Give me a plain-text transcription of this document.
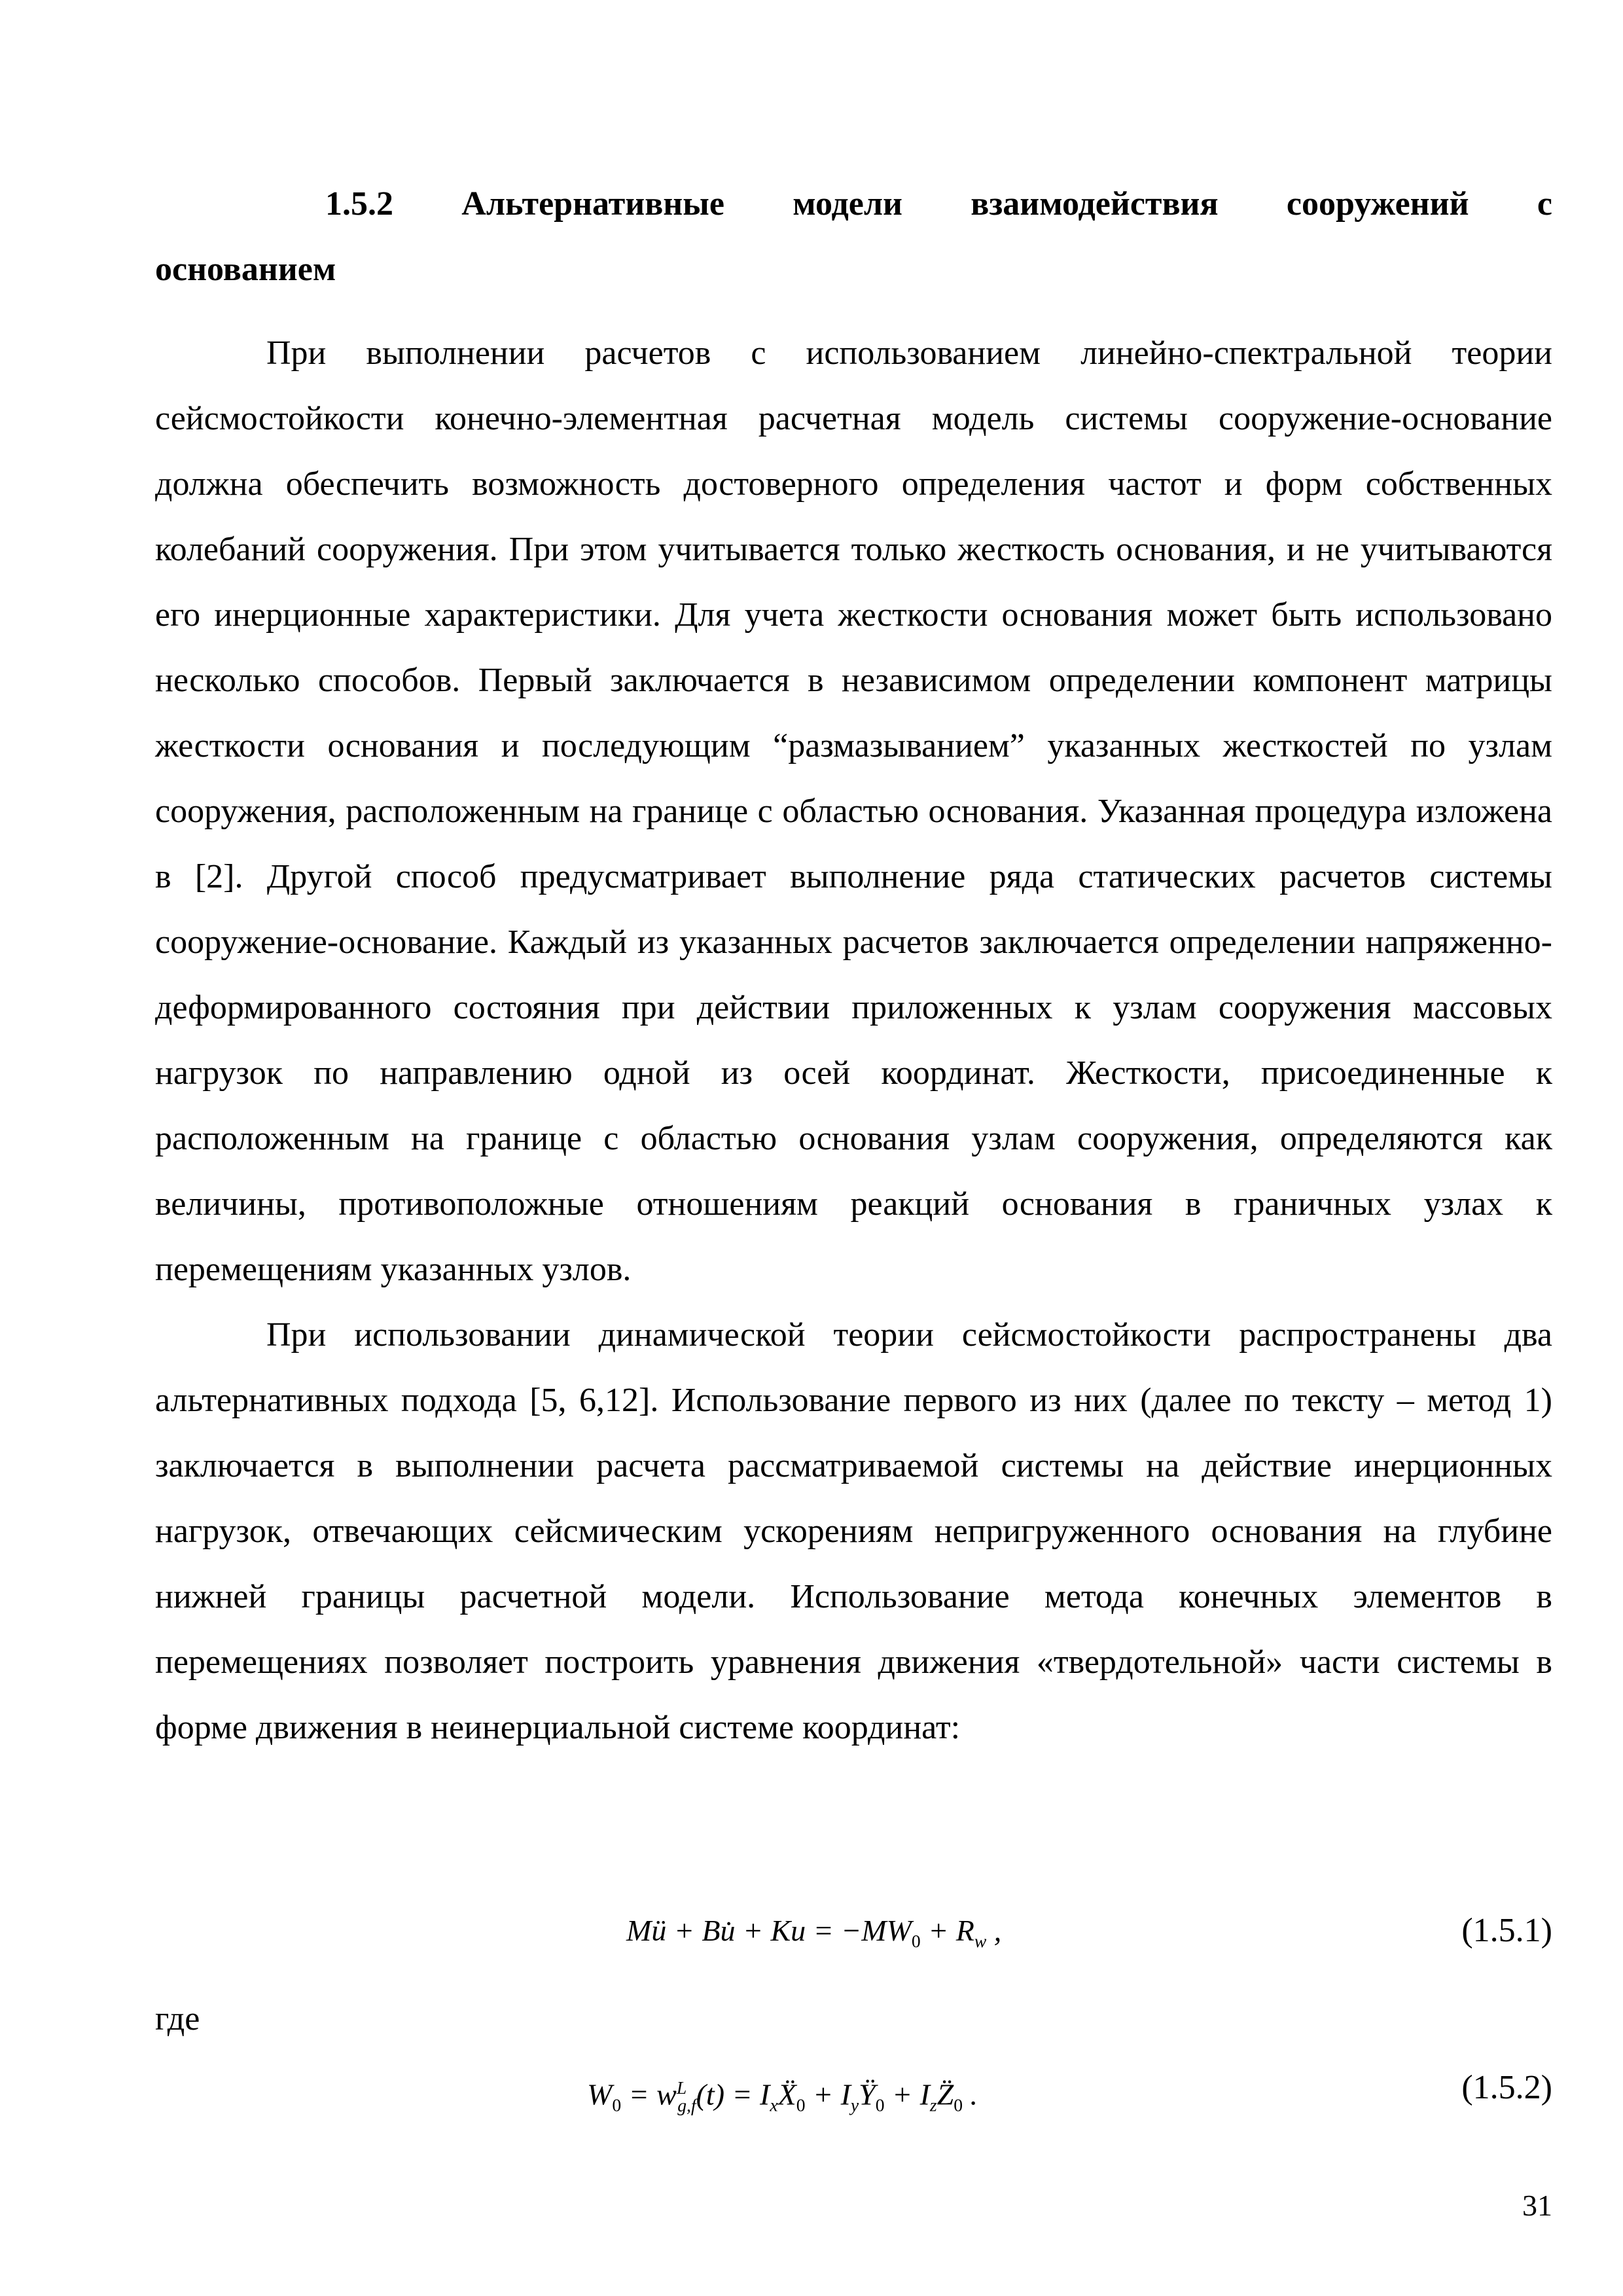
1.5.2 Альтернативные модели взаимодействия сооружений с
основанием

При выполнении расчетов с использованием линейно-спектральной теории сейсмостойкости конечно-элементная расчетная модель системы сооружение-основание должна обеспечить возможность достоверного определения частот и форм собственных колебаний сооружения. При этом учитывается только жесткость основания, и не учитываются его инерционные характеристики. Для учета жесткости основания может быть использовано несколько способов. Первый заключается в независимом определении компонент матрицы жесткости основания и последующим “размазыванием” указанных жесткостей по узлам сооружения, расположенным на границе с областью основания. Указанная процедура изложена в [2]. Другой способ предусматривает выполнение ряда статических расчетов системы сооружение-основание. Каждый из указанных расчетов заключается определении напряженно-деформированного состояния при действии приложенных к узлам сооружения массовых нагрузок по направлению одной из осей координат. Жесткости, присоединенные к расположенным на границе с областью основания узлам сооружения, определяются как величины, противоположные отношениям реакций основания в граничных узлах к перемещениям указанных узлов.

При использовании динамической теории сейсмостойкости распространены два альтернативных подхода [5, 6,12]. Использование первого из них (далее по тексту – метод 1) заключается в выполнении расчета рассматриваемой системы на действие инерционных нагрузок, отвечающих сейсмическим ускорениям непригруженного основания на глубине нижней границы расчетной модели. Использование метода конечных элементов в перемещениях позволяет построить уравнения движения «твердотельной» части системы в форме движения в неинерциальной системе координат:

Mü + Bu̇ + $Ku = -MW_0 + R_w$ ,	(1.5.1)
где
$W_0 = w^L_{g,f}(t)$ = $I_xẌ_0$ + $I_yŸ_0$ + $I_zZ̈_0$ .	(1.5.2)
31
